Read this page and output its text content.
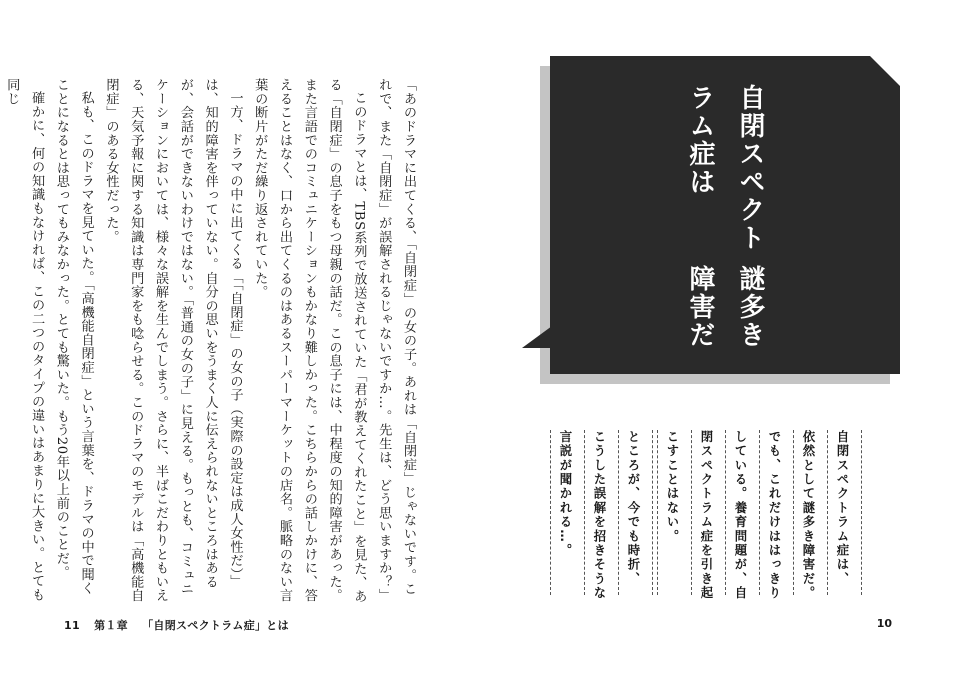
「あのドラマに出てくる、「自閉症」の女の子。あれは「自閉症」じゃないです。これで、また「自閉症」が誤解されるじゃないですか…。先生は、どう思いますか？」

このドラマとは、TBS系列で放送されていた「君が教えてくれたこと」を見た、ある「自閉症」の息子をもつ母親の話だ。この息子には、中程度の知的障害があった。また言語でのコミュニケーションもかなり難しかった。こちらからの話しかけに、答えることはなく、口から出てくるのはあるスーパーマーケットの店名。脈略のない言葉の断片がただ繰り返されていた。

一方、ドラマの中に出てくる「「自閉症」の女の子（実際の設定は成人女性だ）」は、知的障害を伴っていない。自分の思いをうまく人に伝えられないところはあるが、会話ができないわけではない。「普通の女の子」に見える。もっとも、コミュニケーションにおいては、様々な誤解を生んでしまう。さらに、半ばこだわりともいえる、天気予報に関する知識は専門家をも唸らせる。このドラマのモデルは「高機能自閉症」のある女性だった。

私も、このドラマを見ていた。「高機能自閉症」という言葉を、ドラマの中で聞くことになるとは思ってもみなかった。とても驚いた。もう20年以上前のことだ。

確かに、何の知識もなければ、この二つのタイプの違いはあまりに大きい。とても同じ

11 第１章 「自閉スペクトラム症」とは
自閉スペクトラム症は
謎多き障害だ
自閉スペクトラム症は、
依然として謎多き障害だ。
でも、これだけははっきり
している。養育問題が、自
閉スペクトラム症を引き起
こすことはない。
ところが、今でも時折、
こうした誤解を招きそうな
言説が聞かれる…。
10
